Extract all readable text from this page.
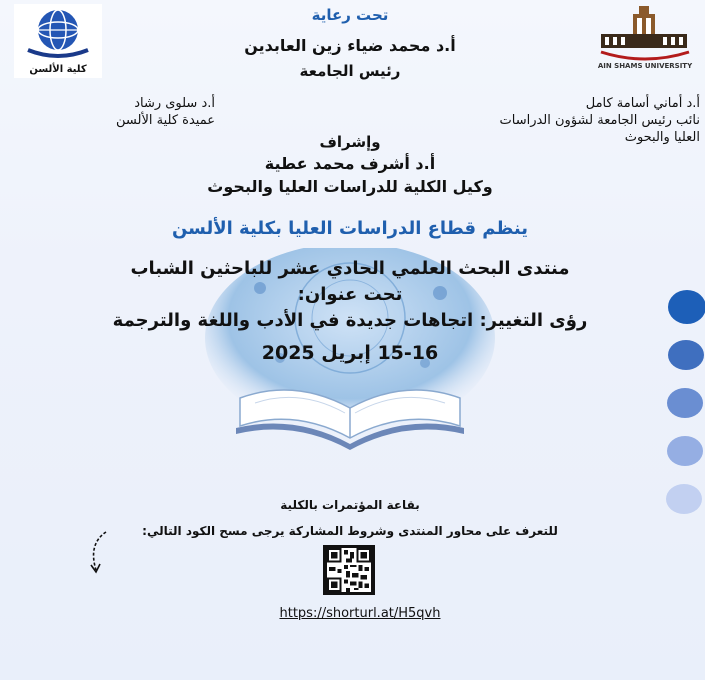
كلية الألسن	AIN SHAMS UNIVERSITY
تحت رعاية
أ.د محمد ضياء زين العابدين
رئيس الجامعة
أ.د أماني أسامة كامل
نائب رئيس الجامعة لشؤون الدراسات
العليا والبحوث
أ.د سلوى رشاد
عميدة كلية الألسن
وإشراف
أ.د أشرف محمد عطية
وكيل الكلية للدراسات العليا والبحوث
ينظم قطاع الدراسات العليا بكلية الألسن
منتدى البحث العلمي الحادي عشر للباحثين الشباب
تحت عنوان:
رؤى التغيير: اتجاهات جديدة في الأدب واللغة والترجمة
15-16 إبريل 2025
بقاعة المؤتمرات بالكلية
للتعرف على محاور المنتدى وشروط المشاركة يرجى مسح الكود التالي:
https://shorturl.at/H5qvh
